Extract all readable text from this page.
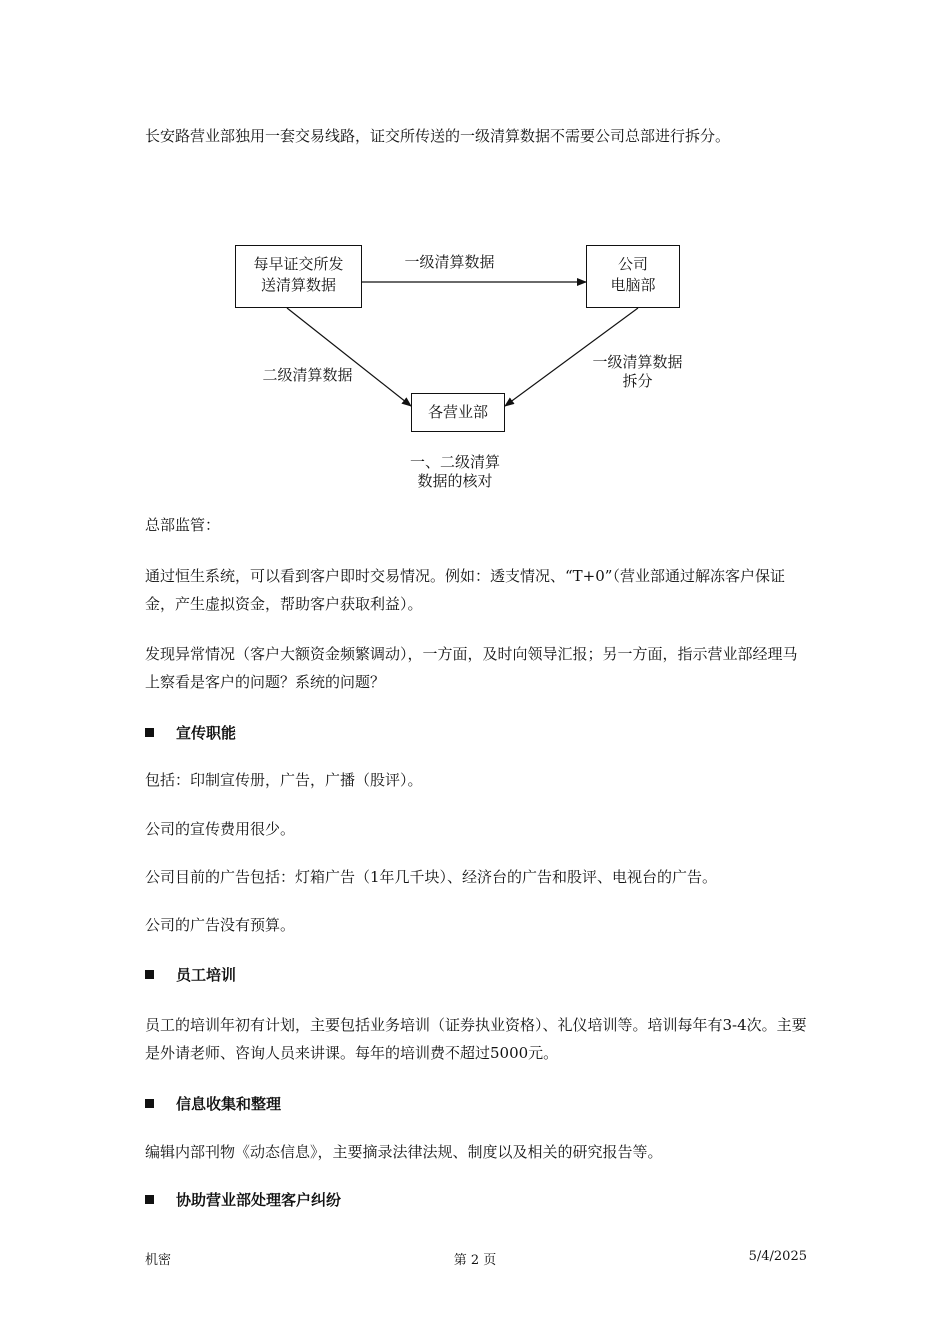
长安路营业部独用一套交易线路，证交所传送的一级清算数据不需要公司总部进行拆分。

每早证交所发
送清算数据
公司
电脑部
各营业部
一级清算数据
二级清算数据
一级清算数据
拆分
一、二级清算
数据的核对

总部监管：

通过恒生系统，可以看到客户即时交易情况。例如：透支情况、“T+0”（营业部通过解冻客户保证金，产生虚拟资金，帮助客户获取利益）。

发现异常情况（客户大额资金频繁调动），一方面，及时向领导汇报；另一方面，指示营业部经理马上察看是客户的问题？系统的问题？

宣传职能

包括：印制宣传册，广告，广播（股评）。

公司的宣传费用很少。

公司目前的广告包括：灯箱广告（1年几千块）、经济台的广告和股评、电视台的广告。

公司的广告没有预算。

员工培训

员工的培训年初有计划，主要包括业务培训（证券执业资格）、礼仪培训等。培训每年有3-4次。主要是外请老师、咨询人员来讲课。每年的培训费不超过5000元。

信息收集和整理

编辑内部刊物《动态信息》，主要摘录法律法规、制度以及相关的研究报告等。

协助营业部处理客户纠纷
机密	第 2 页	5/4/2025
